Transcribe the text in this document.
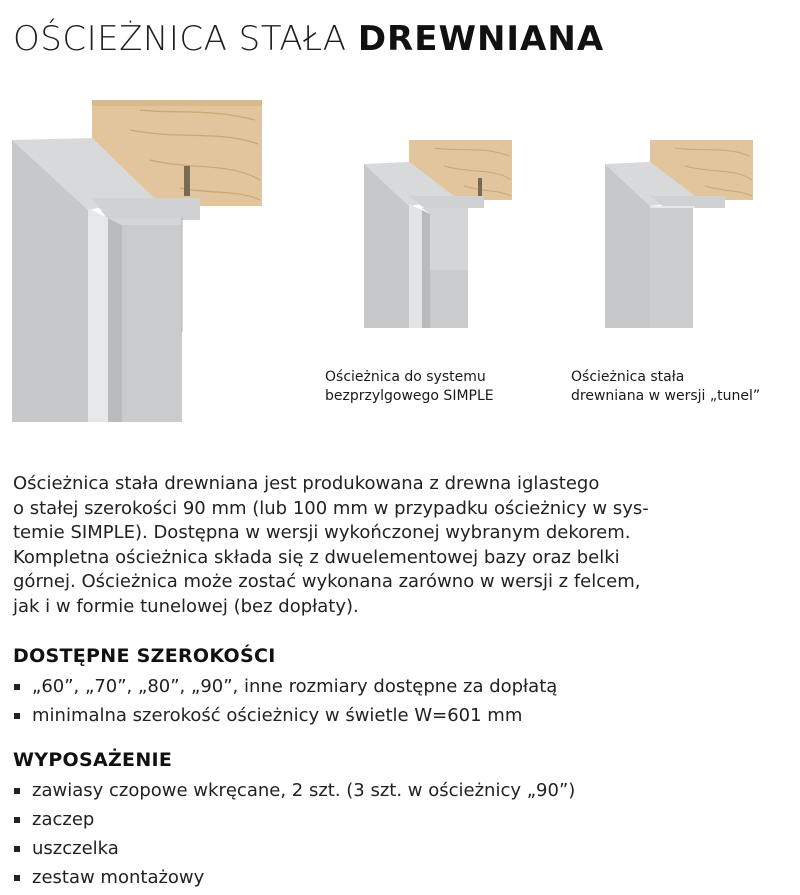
OŚCIEŻNICA STAŁA DREWNIANA
Ościeżnica do systemu
bezprzylgowego SIMPLE
Ościeżnica stała
drewniana w wersji „tunel”
Ościeżnica stała drewniana jest produkowana z drewna iglastego
o stałej szerokości 90 mm (lub 100 mm w przypadku ościeżnicy w sys-
temie SIMPLE). Dostępna w wersji wykończonej wybranym dekorem.
Kompletna ościeżnica składa się z dwuelementowej bazy oraz belki
górnej. Ościeżnica może zostać wykonana zarówno w wersji z felcem,
jak i w formie tunelowej (bez dopłaty).
DOSTĘPNE SZEROKOŚCI
„60”, „70”, „80”, „90”, inne rozmiary dostępne za dopłatą
minimalna szerokość ościeżnicy w świetle W=601 mm
WYPOSAŻENIE
zawiasy czopowe wkręcane, 2 szt. (3 szt. w ościeżnicy „90”)
zaczep
uszczelka
zestaw montażowy
